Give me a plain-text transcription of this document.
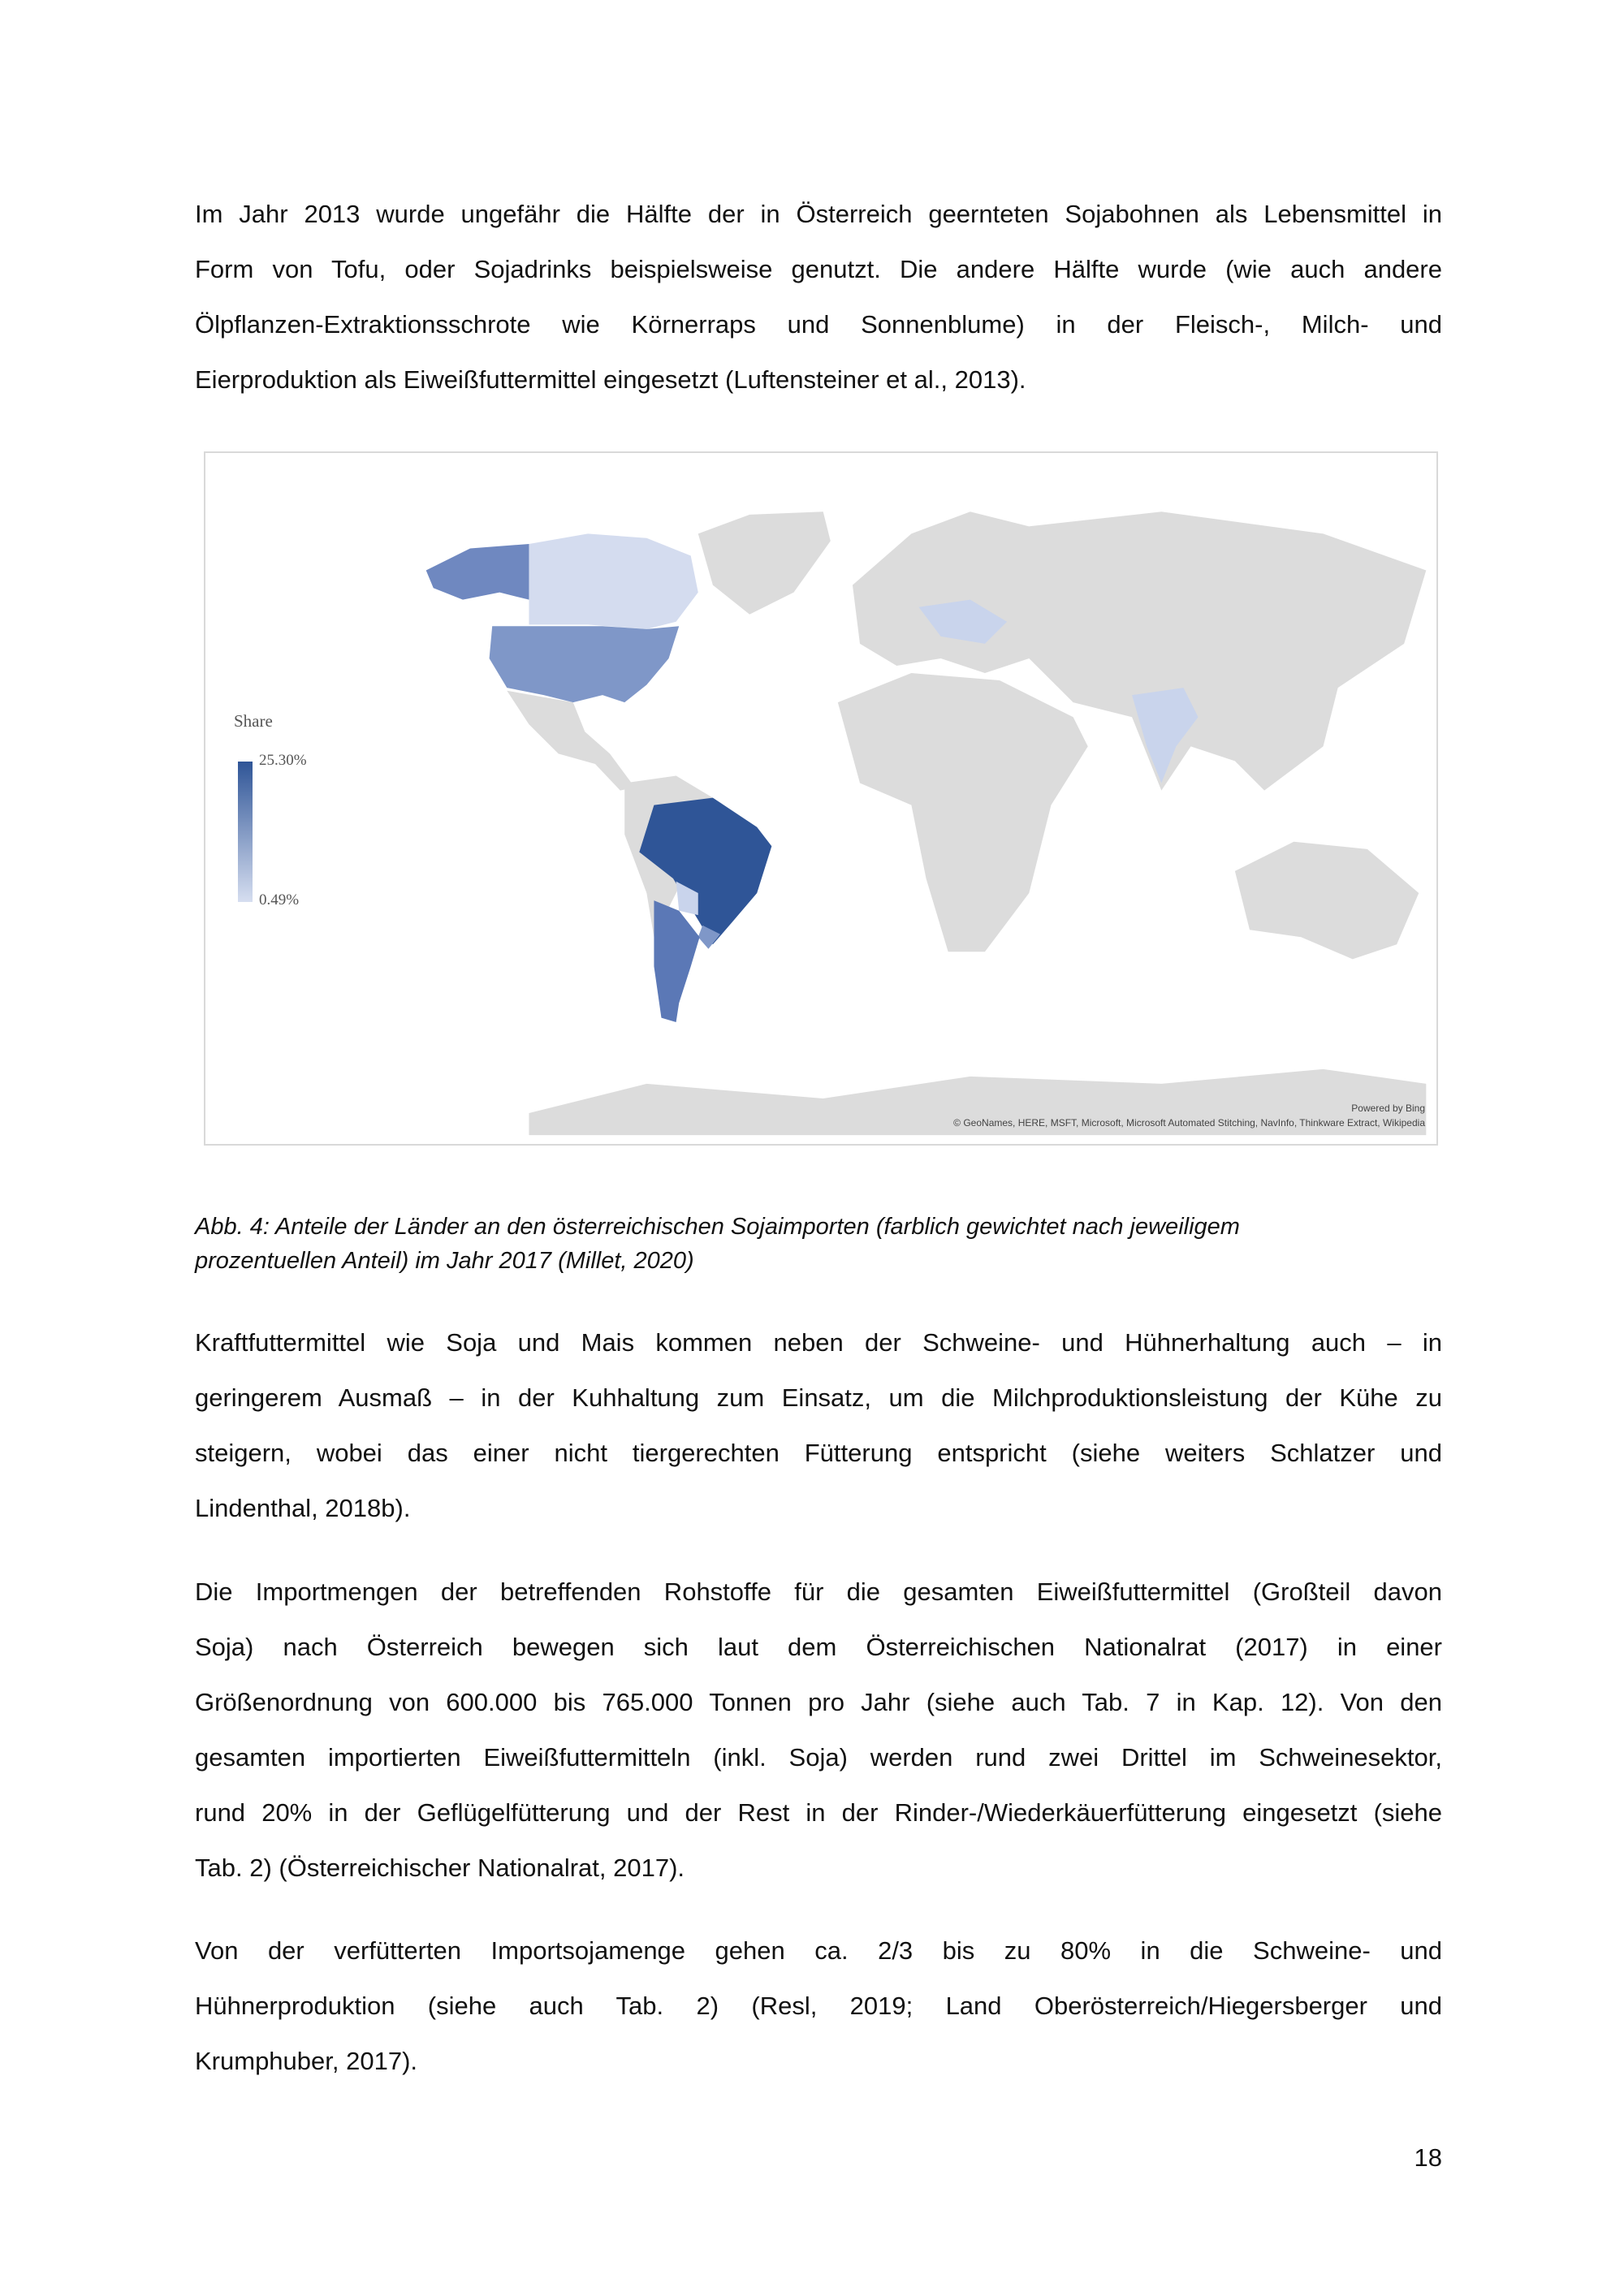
Im Jahr 2013 wurde ungefähr die Hälfte der in Österreich geernteten Sojabohnen als Lebensmittel in
Form von Tofu, oder Sojadrinks beispielsweise genutzt. Die andere Hälfte wurde (wie auch andere
Ölpflanzen-Extraktionsschrote wie Körnerraps und Sonnenblume) in der Fleisch-, Milch- und
Eierproduktion als Eiweißfuttermittel eingesetzt (Luftensteiner et al., 2013).

Share
25.30%
0.49%
Powered by Bing
© GeoNames, HERE, MSFT, Microsoft, Microsoft Automated Stitching, NavInfo, Thinkware Extract, Wikipedia

Abb. 4: Anteile der Länder an den österreichischen Sojaimporten (farblich gewichtet nach jeweiligem
prozentuellen Anteil) im Jahr 2017 (Millet, 2020)

Kraftfuttermittel wie Soja und Mais kommen neben der Schweine- und Hühnerhaltung auch – in
geringerem Ausmaß – in der Kuhhaltung zum Einsatz, um die Milchproduktionsleistung der Kühe zu
steigern, wobei das einer nicht tiergerechten Fütterung entspricht (siehe weiters Schlatzer und
Lindenthal, 2018b).

Die Importmengen der betreffenden Rohstoffe für die gesamten Eiweißfuttermittel (Großteil davon
Soja) nach Österreich bewegen sich laut dem Österreichischen Nationalrat (2017) in einer
Größenordnung von 600.000 bis 765.000 Tonnen pro Jahr (siehe auch Tab. 7 in Kap. 12). Von den
gesamten importierten Eiweißfuttermitteln (inkl. Soja) werden rund zwei Drittel im Schweinesektor,
rund 20% in der Geflügelfütterung und der Rest in der Rinder-/Wiederkäuerfütterung eingesetzt (siehe
Tab. 2) (Österreichischer Nationalrat, 2017).

Von der verfütterten Importsojamenge gehen ca. 2/3 bis zu 80% in die Schweine- und
Hühnerproduktion (siehe auch Tab. 2) (Resl, 2019; Land Oberösterreich/Hiegersberger und
Krumphuber, 2017).

18
